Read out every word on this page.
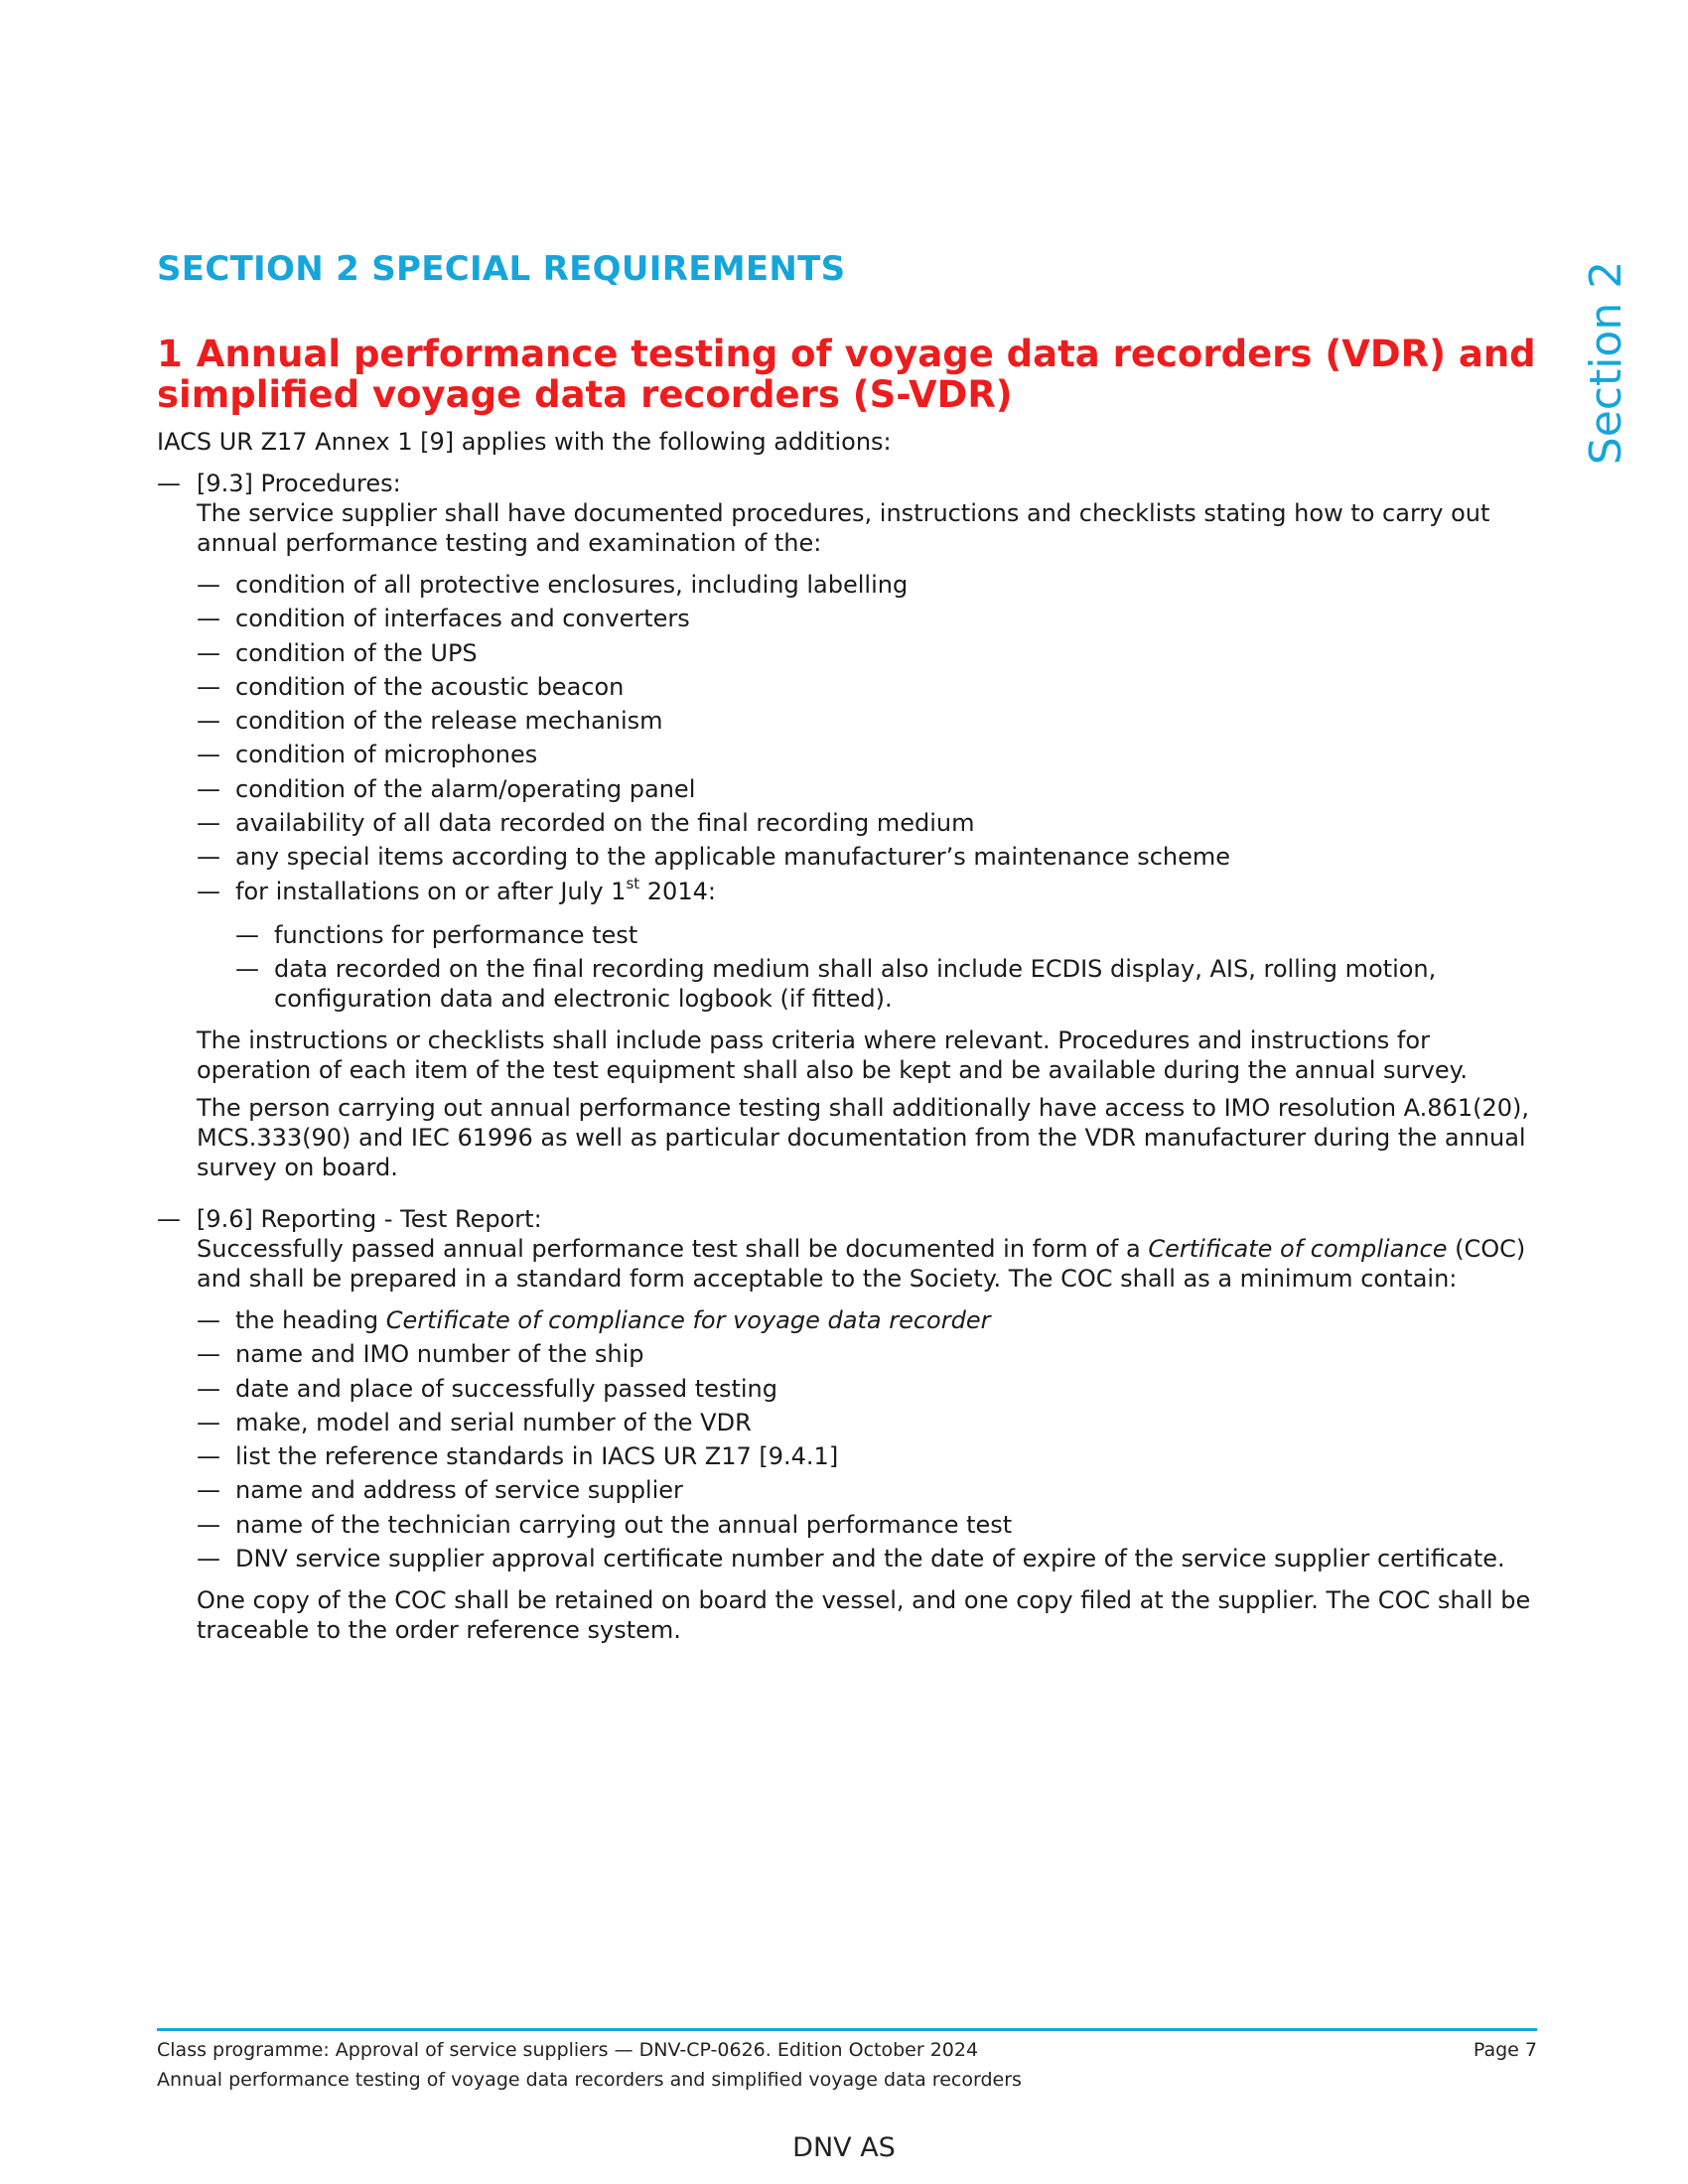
Section 2
SECTION 2 SPECIAL REQUIREMENTS
1 Annual performance testing of voyage data recorders (VDR) and simplified voyage data recorders (S-VDR)

IACS UR Z17 Annex 1 [9] applies with the following additions:

— [9.3] Procedures:

The service supplier shall have documented procedures, instructions and checklists stating how to carry out annual performance testing and examination of the:

— condition of all protective enclosures, including labelling
— condition of interfaces and converters
— condition of the UPS
— condition of the acoustic beacon
— condition of the release mechanism
— condition of microphones
— condition of the alarm/operating panel
— availability of all data recorded on the final recording medium
— any special items according to the applicable manufacturer’s maintenance scheme
— for installations on or after July 1st 2014:
— functions for performance test
— data recorded on the final recording medium shall also include ECDIS display, AIS, rolling motion, configuration data and electronic logbook (if fitted).

The instructions or checklists shall include pass criteria where relevant. Procedures and instructions for operation of each item of the test equipment shall also be kept and be available during the annual survey.

The person carrying out annual performance testing shall additionally have access to IMO resolution A.861(20), MCS.333(90) and IEC 61996 as well as particular documentation from the VDR manufacturer during the annual survey on board.

— [9.6] Reporting - Test Report:

Successfully passed annual performance test shall be documented in form of a Certificate of compliance (COC) and shall be prepared in a standard form acceptable to the Society. The COC shall as a minimum contain:

— the heading Certificate of compliance for voyage data recorder
— name and IMO number of the ship
— date and place of successfully passed testing
— make, model and serial number of the VDR
— list the reference standards in IACS UR Z17 [9.4.1]
— name and address of service supplier
— name of the technician carrying out the annual performance test
— DNV service supplier approval certificate number and the date of expire of the service supplier certificate.

One copy of the COC shall be retained on board the vessel, and one copy filed at the supplier. The COC shall be traceable to the order reference system.

Class programme: Approval of service suppliers — DNV-CP-0626. Edition October 2024	Page 7
Annual performance testing of voyage data recorders and simplified voyage data recorders
DNV AS
